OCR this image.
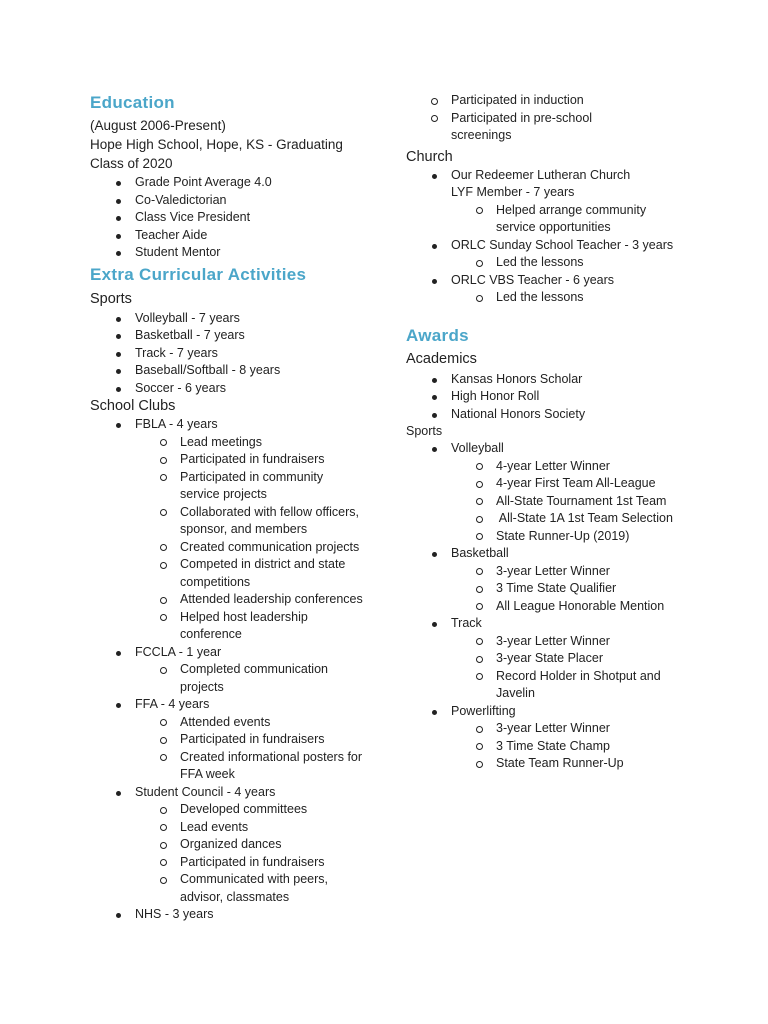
Education

(August 2006-Present)

Hope High School, Hope, KS - Graduating

Class of 2020

Grade Point Average 4.0
Co-Valedictorian
Class Vice President
Teacher Aide
Student Mentor
Extra Curricular Activities

Sports

Volleyball - 7 years
Basketball - 7 years
Track - 7 years
Baseball/Softball - 8 years
Soccer - 6 years

School Clubs

FBLA - 4 years
Lead meetings
Participated in fundraisers
Participated in community service projects
Collaborated with fellow officers, sponsor, and members
Created communication projects
Competed in district and state competitions
Attended leadership conferences
Helped host leadership conference
FCCLA - 1 year
Completed communication projects
FFA - 4 years
Attended events
Participated in fundraisers
Created informational posters for FFA week
Student Council - 4 years
Developed committees
Lead events
Organized dances
Participated in fundraisers
Communicated with peers, advisor, classmates
NHS - 3 years
Participated in induction
Participated in pre-school screenings

Church

Our Redeemer Lutheran Church LYF Member - 7 years
Helped arrange community service opportunities
ORLC Sunday School Teacher - 3 years
Led the lessons
ORLC VBS Teacher - 6 years
Led the lessons
Awards

Academics

Kansas Honors Scholar
High Honor Roll
National Honors Society

Sports

Volleyball
4-year Letter Winner
4-year First Team All-League
All-State Tournament 1st Team
All-State 1A 1st Team Selection
State Runner-Up (2019)
Basketball
3-year Letter Winner
3 Time State Qualifier
All League Honorable Mention
Track
3-year Letter Winner
3-year State Placer
Record Holder in Shotput and Javelin
Powerlifting
3-year Letter Winner
3 Time State Champ
State Team Runner-Up
